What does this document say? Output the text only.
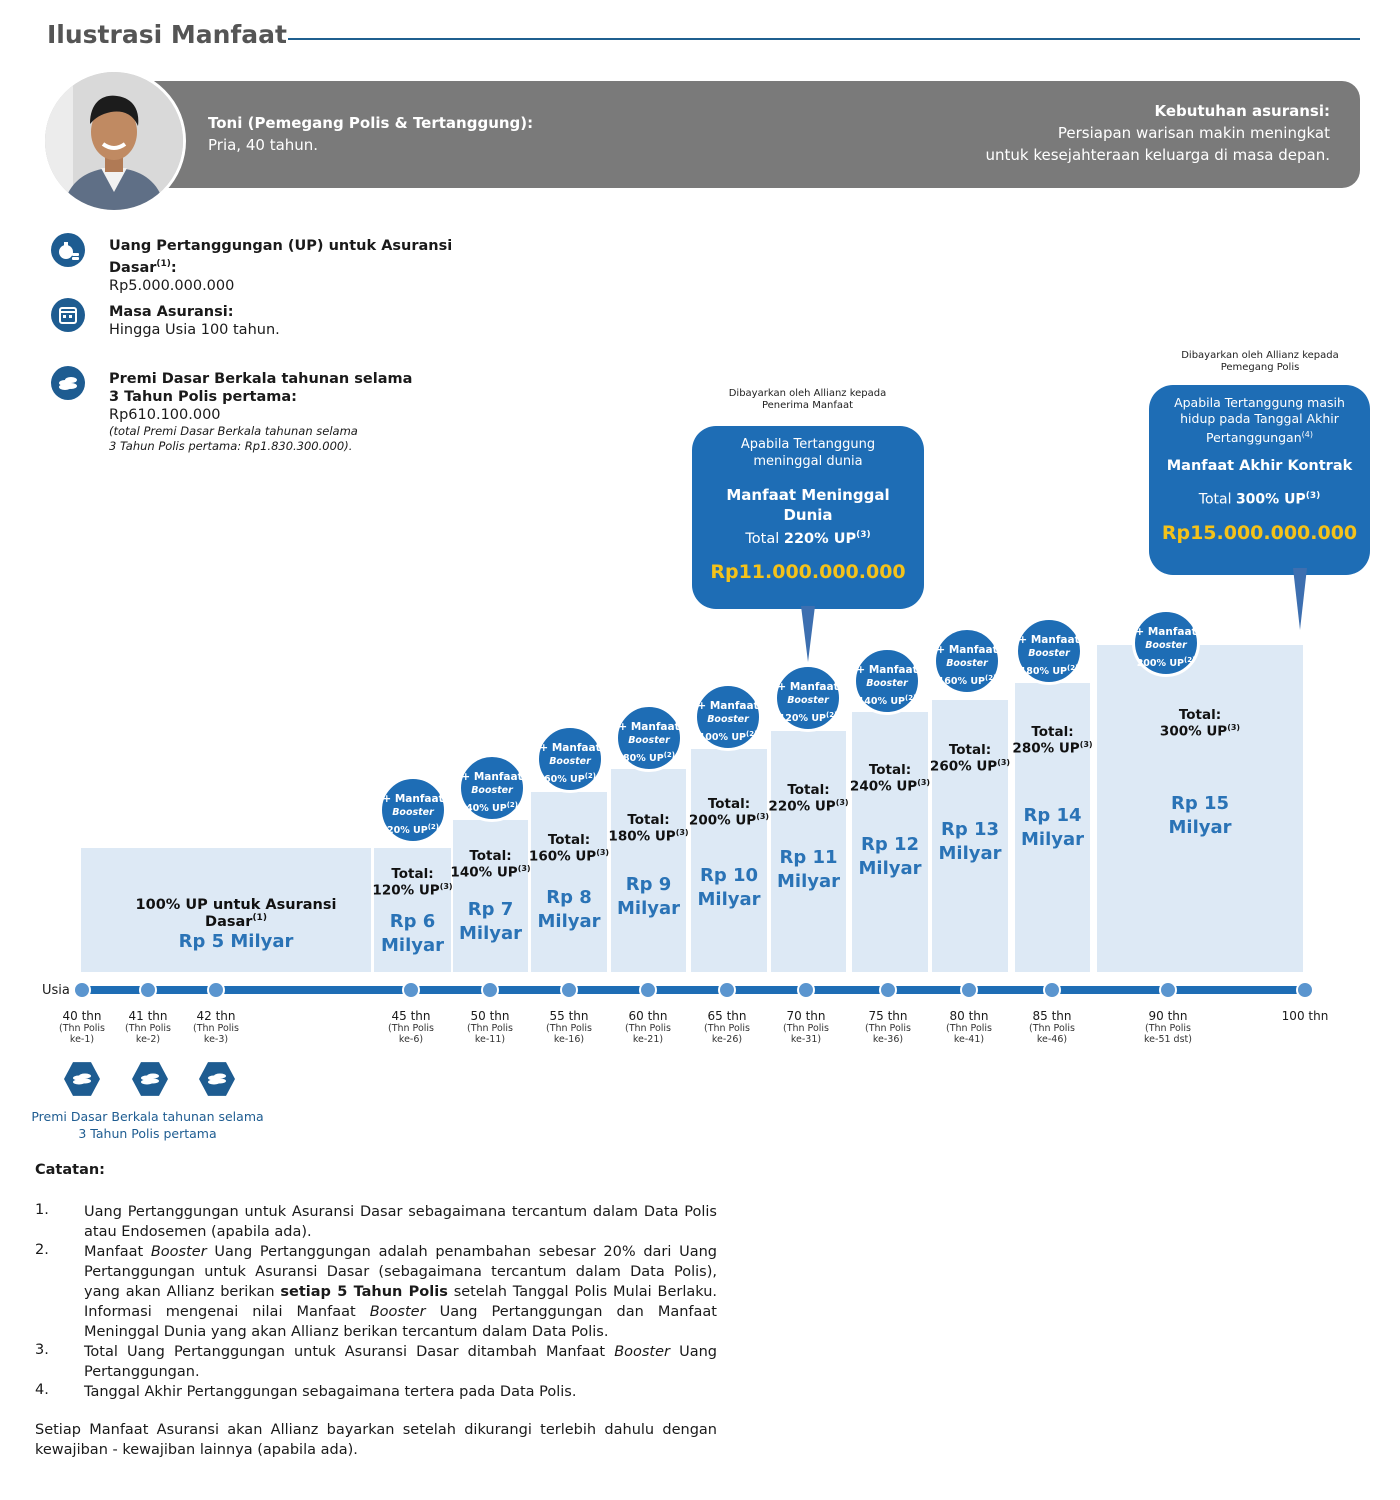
Ilustrasi Manfaat
Toni (Pemegang Polis & Tertanggung):
Pria, 40 tahun.
Kebutuhan asuransi:
Persiapan warisan makin meningkat
untuk kesejahteraan keluarga di masa depan.
Uang Pertanggungan (UP) untuk Asuransi
Dasar$^{(1)}$:
Rp5.000.000.000
Masa Asuransi:
Hingga Usia 100 tahun.
Premi Dasar Berkala tahunan selama
3 Tahun Polis pertama:
Rp610.100.000
(total Premi Dasar Berkala tahunan selama
3 Tahun Polis pertama: Rp1.830.300.000).
100% UP untuk Asuransi
Dasar$^{(1)}$
Rp 5 Milyar
+ Manfaat
Booster
20% UP$^{(2)}$
Total:
120% UP$^{(3)}$
Rp 6
Milyar
+ Manfaat
Booster
40% UP$^{(2)}$
Total:
140% UP$^{(3)}$
Rp 7
Milyar
+ Manfaat
Booster
60% UP$^{(2)}$
Total:
160% UP$^{(3)}$
Rp 8
Milyar
+ Manfaat
Booster
80% UP$^{(2)}$
Total:
180% UP$^{(3)}$
Rp 9
Milyar
+ Manfaat
Booster
100% UP$^{(2)}$
Total:
200% UP$^{(3)}$
Rp 10
Milyar
+ Manfaat
Booster
120% UP$^{(2)}$
Total:
220% UP$^{(3)}$
Rp 11
Milyar
+ Manfaat
Booster
140% UP$^{(2)}$
Total:
240% UP$^{(3)}$
Rp 12
Milyar
+ Manfaat
Booster
160% UP$^{(2)}$
Total:
260% UP$^{(3)}$
Rp 13
Milyar
+ Manfaat
Booster
180% UP$^{(2)}$
Total:
280% UP$^{(3)}$
Rp 14
Milyar
+ Manfaat
Booster
200% UP$^{(2)}$
Total:
300% UP$^{(3)}$
Rp 15
Milyar
Dibayarkan oleh Allianz kepada
Penerima Manfaat
Apabila Tertanggung
meninggal dunia
Manfaat Meninggal
Dunia
Total 220% UP$^{(3)}$
Rp11.000.000.000
Dibayarkan oleh Allianz kepada
Pemegang Polis
Apabila Tertanggung masih
hidup pada Tanggal Akhir
Pertanggungan$^{(4)}$
Manfaat Akhir Kontrak
Total 300% UP$^{(3)}$
Rp15.000.000.000
Usia
40 thn
(Thn Polis
ke-1)
41 thn
(Thn Polis
ke-2)
42 thn
(Thn Polis
ke-3)
45 thn
(Thn Polis
ke-6)
50 thn
(Thn Polis
ke-11)
55 thn
(Thn Polis
ke-16)
60 thn
(Thn Polis
ke-21)
65 thn
(Thn Polis
ke-26)
70 thn
(Thn Polis
ke-31)
75 thn
(Thn Polis
ke-36)
80 thn
(Thn Polis
ke-41)
85 thn
(Thn Polis
ke-46)
90 thn
(Thn Polis
ke-51 dst)
100 thn
Premi Dasar Berkala tahunan selama
3 Tahun Polis pertama
Catatan:
1. Uang Pertanggungan untuk Asuransi Dasar sebagaimana tercantum dalam Data Polis atau Endosemen (apabila ada).
2. Manfaat Booster Uang Pertanggungan adalah penambahan sebesar 20% dari Uang Pertanggungan untuk Asuransi Dasar (sebagaimana tercantum dalam Data Polis), yang akan Allianz berikan setiap 5 Tahun Polis setelah Tanggal Polis Mulai Berlaku. Informasi mengenai nilai Manfaat Booster Uang Pertanggungan dan Manfaat Meninggal Dunia yang akan Allianz berikan tercantum dalam Data Polis.
3. Total Uang Pertanggungan untuk Asuransi Dasar ditambah Manfaat Booster Uang Pertanggungan.
4. Tanggal Akhir Pertanggungan sebagaimana tertera pada Data Polis.
Setiap Manfaat Asuransi akan Allianz bayarkan setelah dikurangi terlebih dahulu dengan kewajiban - kewajiban lainnya (apabila ada).
